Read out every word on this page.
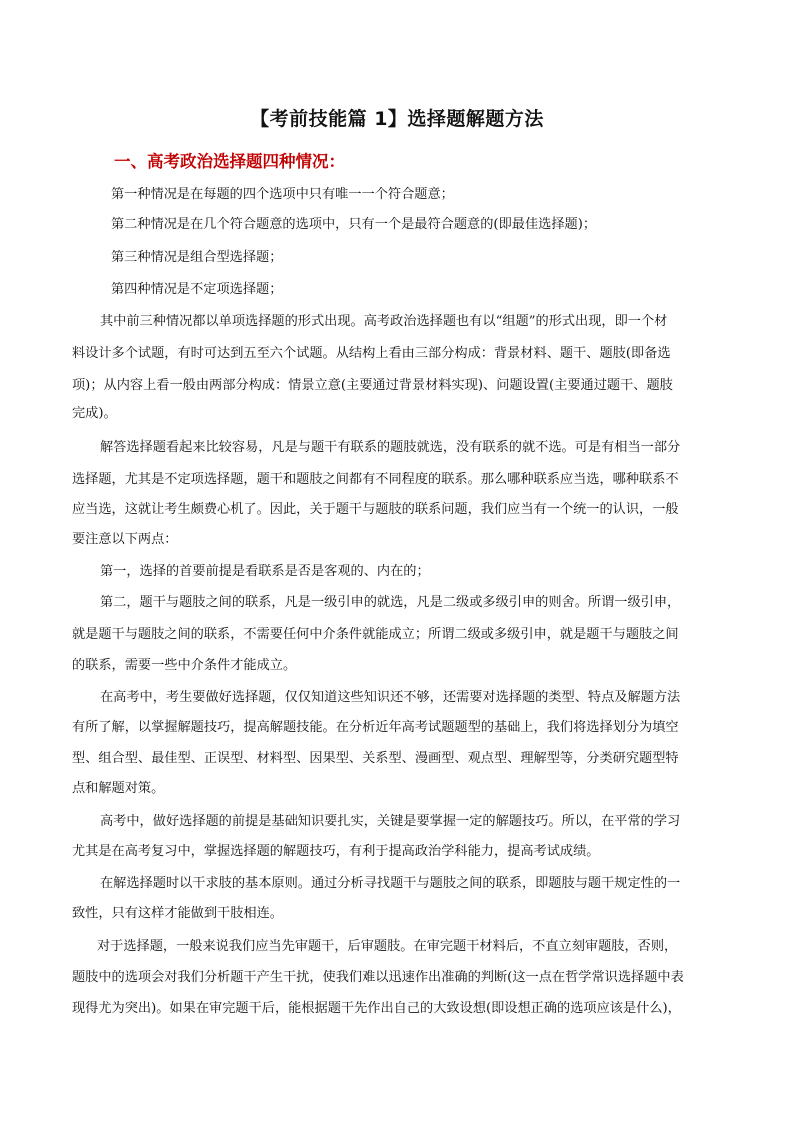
【考前技能篇 1】选择题解题方法
一、高考政治选择题四种情况：
第一种情况是在每题的四个选项中只有唯一一个符合题意；
第二种情况是在几个符合题意的选项中，只有一个是最符合题意的(即最佳选择题)；
第三种情况是组合型选择题；
第四种情况是不定项选择题；
其中前三种情况都以单项选择题的形式出现。高考政治选择题也有以“组题”的形式出现，即一个材
料设计多个试题，有时可达到五至六个试题。从结构上看由三部分构成：背景材料、题干、题肢(即备选
项)；从内容上看一般由两部分构成：情景立意(主要通过背景材料实现)、问题设置(主要通过题干、题肢
完成)。
解答选择题看起来比较容易，凡是与题干有联系的题肢就选，没有联系的就不选。可是有相当一部分
选择题，尤其是不定项选择题，题干和题肢之间都有不同程度的联系。那么哪种联系应当选，哪种联系不
应当选，这就让考生颇费心机了。因此，关于题干与题肢的联系问题，我们应当有一个统一的认识，一般
要注意以下两点：
第一，选择的首要前提是看联系是否是客观的、内在的；
第二，题干与题肢之间的联系，凡是一级引申的就选，凡是二级或多级引申的则舍。所谓一级引申，
就是题干与题肢之间的联系，不需要任何中介条件就能成立；所谓二级或多级引申，就是题干与题肢之间
的联系，需要一些中介条件才能成立。
在高考中，考生要做好选择题，仅仅知道这些知识还不够，还需要对选择题的类型、特点及解题方法
有所了解，以掌握解题技巧，提高解题技能。在分析近年高考试题题型的基础上，我们将选择划分为填空
型、组合型、最佳型、正误型、材料型、因果型、关系型、漫画型、观点型、理解型等，分类研究题型特
点和解题对策。
高考中，做好选择题的前提是基础知识要扎实，关键是要掌握一定的解题技巧。所以，在平常的学习
尤其是在高考复习中，掌握选择题的解题技巧，有利于提高政治学科能力，提高考试成绩。
在解选择题时以干求肢的基本原则。通过分析寻找题干与题肢之间的联系，即题肢与题干规定性的一
致性，只有这样才能做到干肢相连。
对于选择题，一般来说我们应当先审题干，后审题肢。在审完题干材料后，不直立刻审题肢，否则，
题肢中的选项会对我们分析题干产生干扰，使我们难以迅速作出准确的判断(这一点在哲学常识选择题中表
现得尤为突出)。如果在审完题干后，能根据题干先作出自己的大致设想(即设想正确的选项应该是什么)，
